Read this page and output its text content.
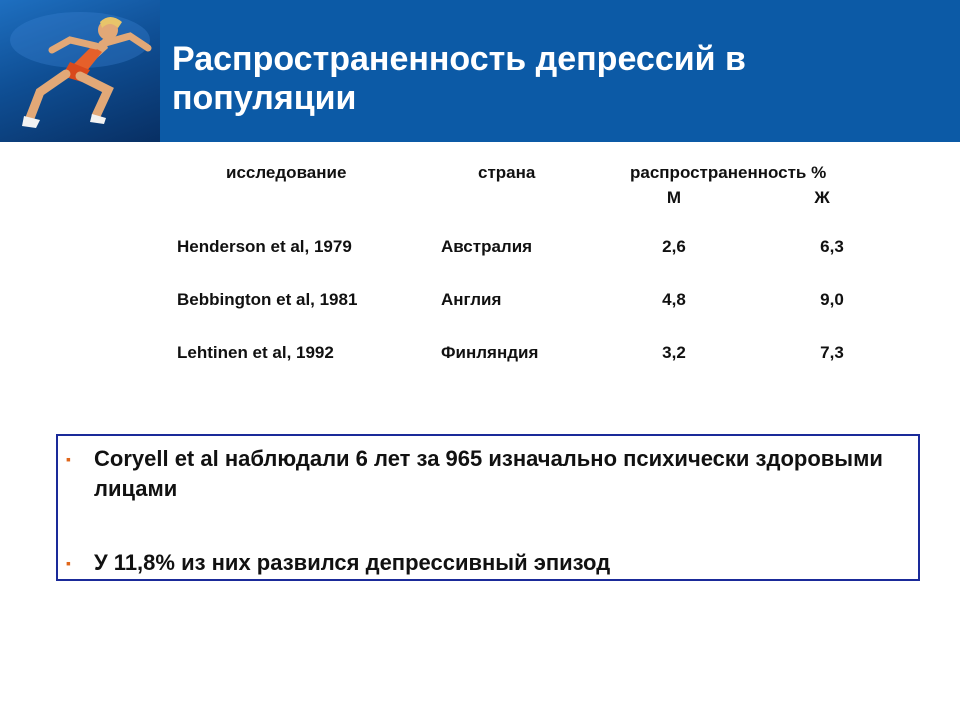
Распространенность депрессий в популяции
исследование	страна	распространенность %
М	Ж
Henderson et al, 1979	Австралия	2,6	6,3
Bebbington et al, 1981	Англия	4,8	9,0
Lehtinen et al, 1992	Финляндия	3,2	7,3
▪	Coryell et al наблюдали 6 лет за 965 изначально психически здоровыми лицами
▪	У 11,8% из них развился депрессивный эпизод
